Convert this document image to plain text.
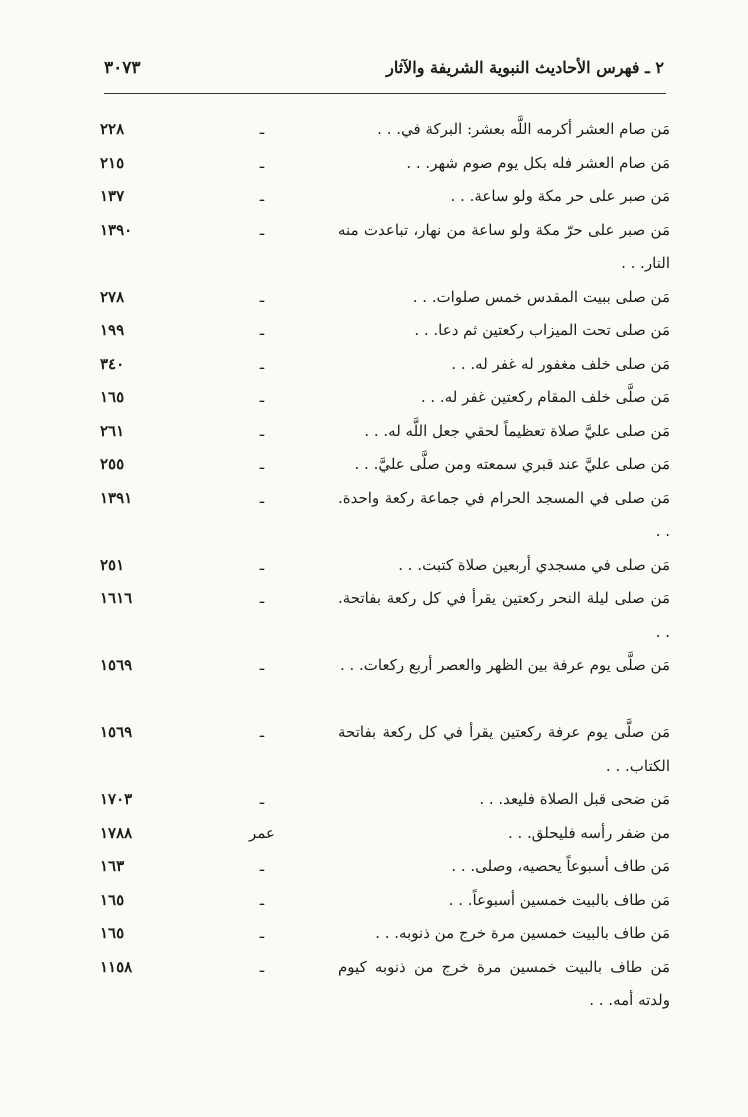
٢ ـ فهرس الأحاديث النبوية الشريفة والآثار
٣٠٧٣
مَن صام العشر أكرمه اللَّه بعشر: البركة في. . .
ـ
٢٢٨
مَن صام العشر فله بكل يوم صوم شهر. . .
ـ
٢١٥
مَن صبر على حر مكة ولو ساعة. . .
ـ
١٣٧
مَن صبر على حرّ مكة ولو ساعة من نهار، تباعدت منه النار. . .
ـ
١٣٩٠
مَن صلى ببيت المقدس خمس صلوات. . .
ـ
٢٧٨
مَن صلى تحت الميزاب ركعتين ثم دعا. . .
ـ
١٩٩
مَن صلى خلف مغفور له غفر له. . .
ـ
٣٤٠
مَن صلَّى خلف المقام ركعتين غفر له. . .
ـ
١٦٥
مَن صلى عليَّ صلاة تعظيماً لحقي جعل اللَّه له. . .
ـ
٢٦١
مَن صلى عليَّ عند قبري سمعته ومن صلَّى عليَّ. . .
ـ
٢٥٥
مَن صلى في المسجد الحرام في جماعة ركعة واحدة. . .
ـ
١٣٩١
مَن صلى في مسجدي أربعين صلاة كتبت. . .
ـ
٢٥١
مَن صلى ليلة النحر ركعتين يقرأ في كل ركعة بفاتحة. . .
ـ
١٦١٦
مَن صلَّى يوم عرفة بين الظهر والعصر أربع ركعات. . .
ـ
١٥٦٩
مَن صلَّى يوم عرفة ركعتين يقرأ في كل ركعة بفاتحة الكتاب. . .
ـ
١٥٦٩
مَن ضحى قبل الصلاة فليعد. . .
ـ
١٧٠٣
من ضفر رأسه فليحلق. . .
عمر
١٧٨٨
مَن طاف أسبوعاً يحصيه، وصلى. . .
ـ
١٦٣
مَن طاف بالبيت خمسين أسبوعاً. . .
ـ
١٦٥
مَن طاف بالبيت خمسين مرة خرج من ذنوبه. . .
ـ
١٦٥
مَن طاف بالبيت خمسين مرة خرج من ذنوبه كيوم ولدته أمه. . .
ـ
١١٥٨
